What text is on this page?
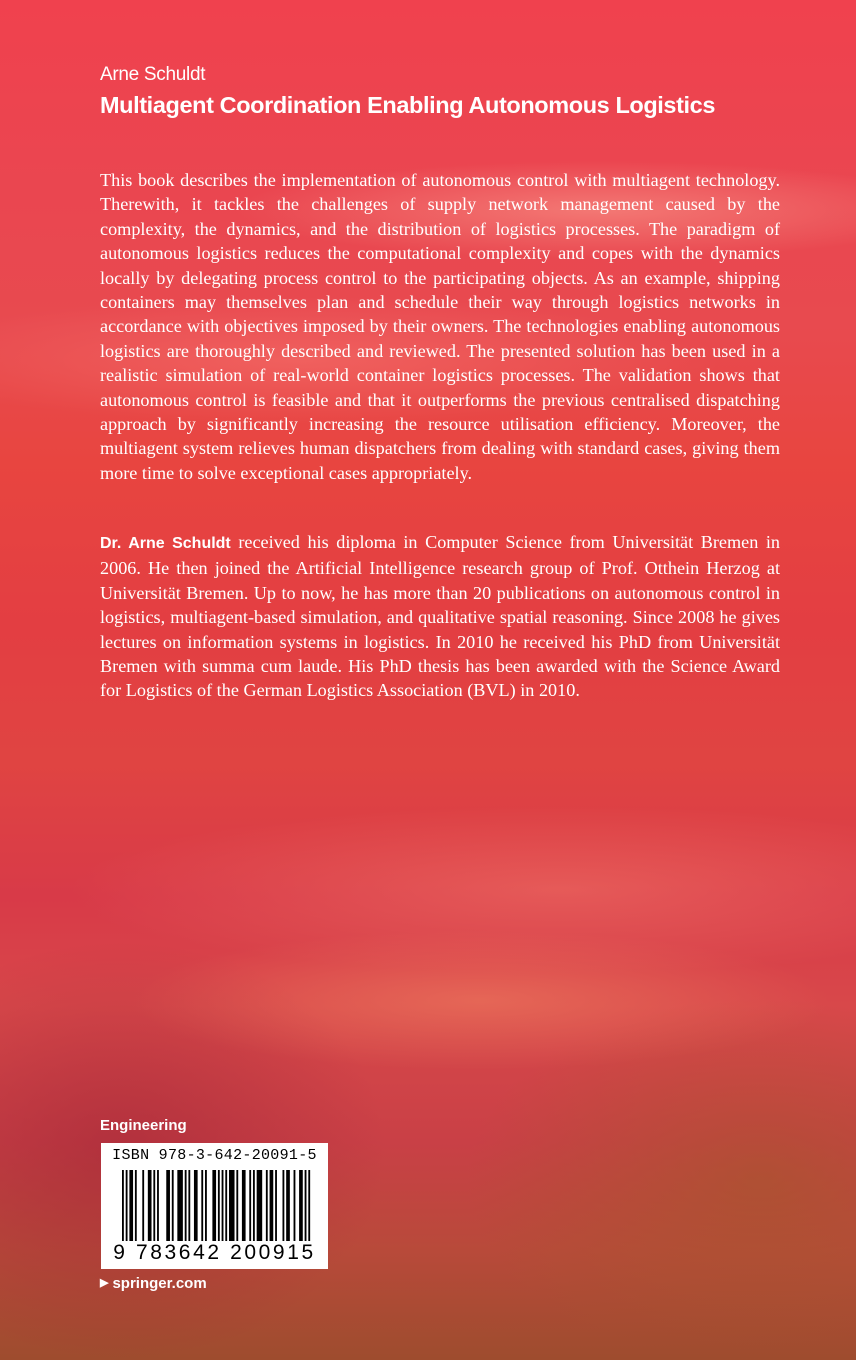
Arne Schuldt
Multiagent Coordination Enabling Autonomous Logistics

This book describes the implementation of autonomous control with multiagent technology. Therewith, it tackles the challenges of supply network management caused by the complexity, the dynamics, and the distribution of logistics processes. The paradigm of autonomous logistics reduces the computational complexity and copes with the dynamics locally by delegating process control to the participating objects. As an example, shipping containers may themselves plan and schedule their way through logistics networks in accordance with objectives imposed by their owners. The technologies enabling autonomous logistics are thoroughly described and reviewed. The presented solution has been used in a realistic simulation of real-world container logistics processes. The validation shows that autonomous control is feasible and that it outperforms the previous centralised dispatching approach by significantly increasing the resource utilisation efficiency. Moreover, the multiagent system relieves human dispatchers from dealing with standard cases, giving them more time to solve exceptional cases appropriately.

Dr. Arne Schuldt received his diploma in Computer Science from Universität Bremen in 2006. He then joined the Artificial Intelligence research group of Prof. Otthein Herzog at Universität Bremen. Up to now, he has more than 20 publications on autonomous control in logistics, multiagent-based simulation, and qualitative spatial reasoning. Since 2008 he gives lectures on information systems in logistics. In 2010 he received his PhD from Universität Bremen with summa cum laude. His PhD thesis has been awarded with the Science Award for Logistics of the German Logistics Association (BVL) in 2010.

Engineering
ISBN 978-3-642-20091-5
9 783642 200915
▶ springer.com
